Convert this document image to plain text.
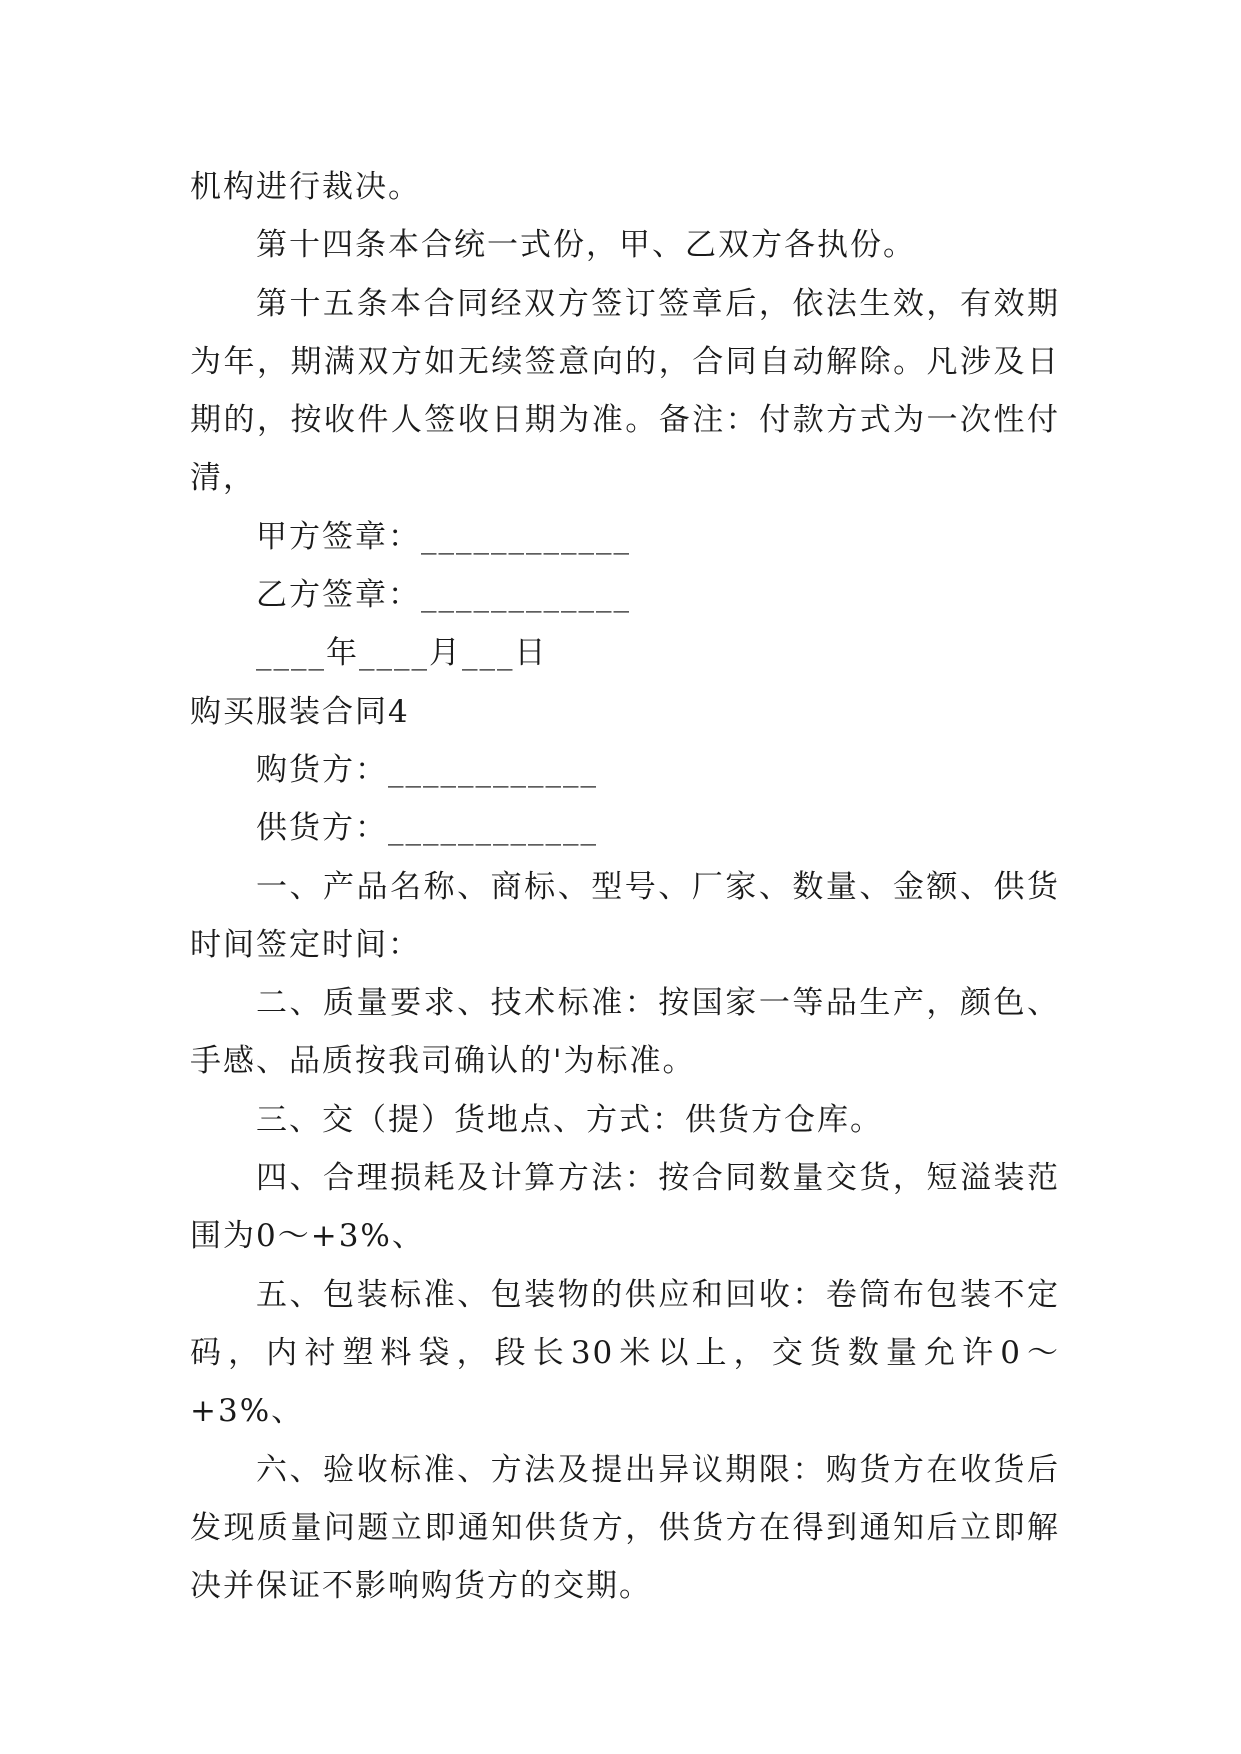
机构进行裁决。

第十四条本合统一式份，甲、乙双方各执份。

第十五条本合同经双方签订签章后，依法生效，有效期为年，期满双方如无续签意向的，合同自动解除。凡涉及日期的，按收件人签收日期为准。备注：付款方式为一次性付清，

甲方签章：____________

乙方签章：____________

____年____月___日

购买服装合同4

购货方：____________

供货方：____________

一、产品名称、商标、型号、厂家、数量、金额、供货时间签定时间：

二、质量要求、技术标准：按国家一等品生产，颜色、手感、品质按我司确认的'为标准。

三、交（提）货地点、方式：供货方仓库。

四、合理损耗及计算方法：按合同数量交货，短溢装范围为0～+3%、

五、包装标准、包装物的供应和回收：卷筒布包装不定码，内衬塑料袋，段长30米以上，交货数量允许0～+3%、

六、验收标准、方法及提出异议期限：购货方在收货后发现质量问题立即通知供货方，供货方在得到通知后立即解决并保证不影响购货方的交期。
